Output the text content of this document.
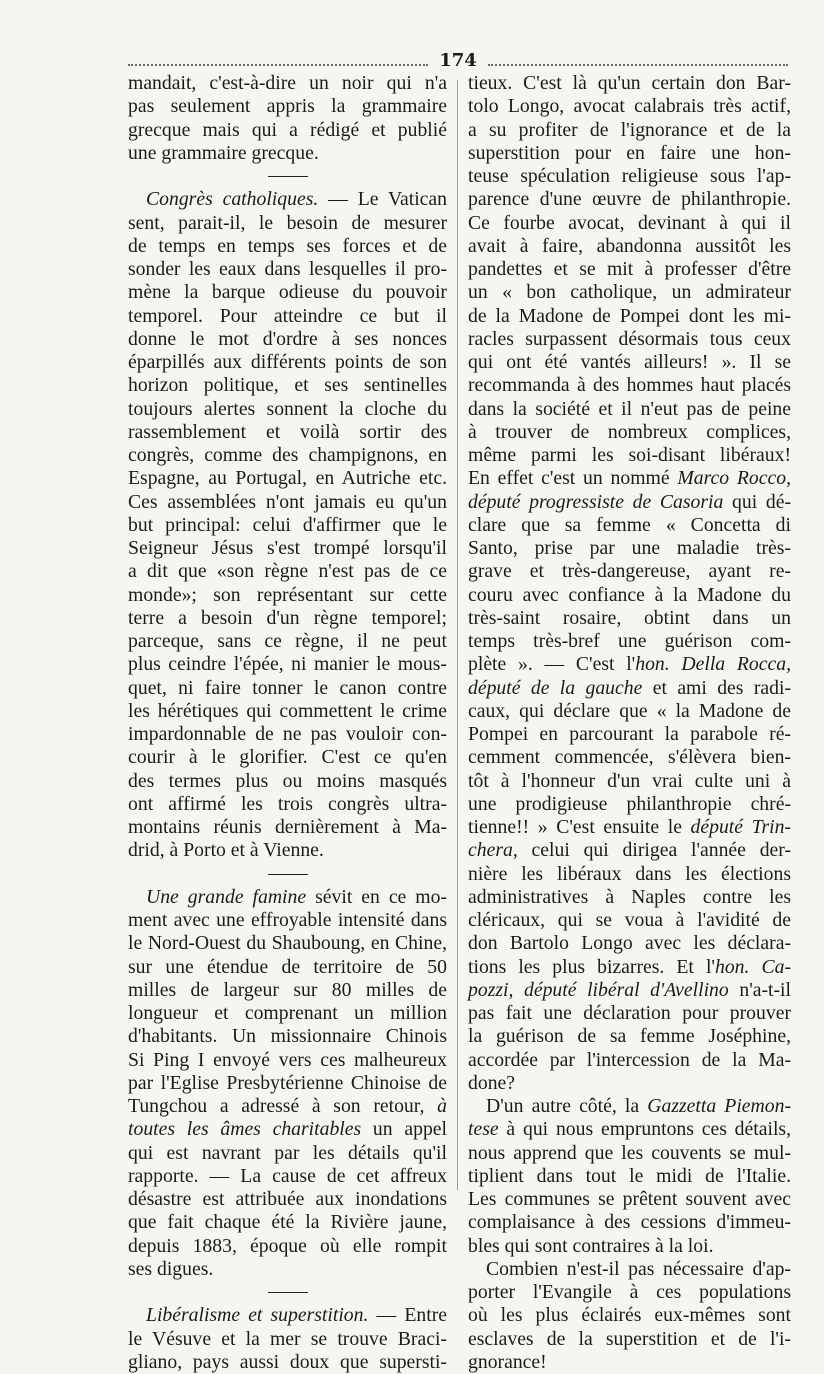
174
mandait, c'est-à-dire un noir qui n'a
pas seulement appris la grammaire
grecque mais qui a rédigé et publié
une grammaire grecque.
Congrès catholiques. — Le Vatican
sent, parait-il, le besoin de mesurer
de temps en temps ses forces et de
sonder les eaux dans lesquelles il pro-
mène la barque odieuse du pouvoir
temporel. Pour atteindre ce but il
donne le mot d'ordre à ses nonces
éparpillés aux différents points de son
horizon politique, et ses sentinelles
toujours alertes sonnent la cloche du
rassemblement et voilà sortir des
congrès, comme des champignons, en
Espagne, au Portugal, en Autriche etc.
Ces assemblées n'ont jamais eu qu'un
but principal: celui d'affirmer que le
Seigneur Jésus s'est trompé lorsqu'il
a dit que «son règne n'est pas de ce
monde»; son représentant sur cette
terre a besoin d'un règne temporel;
parceque, sans ce règne, il ne peut
plus ceindre l'épée, ni manier le mous-
quet, ni faire tonner le canon contre
les hérétiques qui commettent le crime
impardonnable de ne pas vouloir con-
courir à le glorifier. C'est ce qu'en
des termes plus ou moins masqués
ont affirmé les trois congrès ultra-
montains réunis dernièrement à Ma-
drid, à Porto et à Vienne.
Une grande famine sévit en ce mo-
ment avec une effroyable intensité dans
le Nord-Ouest du Shauboung, en Chine,
sur une étendue de territoire de 50
milles de largeur sur 80 milles de
longueur et comprenant un million
d'habitants. Un missionnaire Chinois
Si Ping I envoyé vers ces malheureux
par l'Eglise Presbytérienne Chinoise de
Tungchou a adressé à son retour, à
toutes les âmes charitables un appel
qui est navrant par les détails qu'il
rapporte. — La cause de cet affreux
désastre est attribuée aux inondations
que fait chaque été la Rivière jaune,
depuis 1883, époque où elle rompit
ses digues.
Libéralisme et superstition. — Entre
le Vésuve et la mer se trouve Braci-
gliano, pays aussi doux que supersti-
tieux. C'est là qu'un certain don Bar-
tolo Longo, avocat calabrais très actif,
a su profiter de l'ignorance et de la
superstition pour en faire une hon-
teuse spéculation religieuse sous l'ap-
parence d'une œuvre de philanthropie.
Ce fourbe avocat, devinant à qui il
avait à faire, abandonna aussitôt les
pandettes et se mit à professer d'être
un « bon catholique, un admirateur
de la Madone de Pompei dont les mi-
racles surpassent désormais tous ceux
qui ont été vantés ailleurs! ». Il se
recommanda à des hommes haut placés
dans la société et il n'eut pas de peine
à trouver de nombreux complices,
même parmi les soi-disant libéraux!
En effet c'est un nommé Marco Rocco,
député progressiste de Casoria qui dé-
clare que sa femme « Concetta di
Santo, prise par une maladie très-
grave et très-dangereuse, ayant re-
couru avec confiance à la Madone du
très-saint rosaire, obtint dans un
temps très-bref une guérison com-
plète ». — C'est l'hon. Della Rocca,
député de la gauche et ami des radi-
caux, qui déclare que « la Madone de
Pompei en parcourant la parabole ré-
cemment commencée, s'élèvera bien-
tôt à l'honneur d'un vrai culte uni à
une prodigieuse philanthropie chré-
tienne!! » C'est ensuite le député Trin-
chera, celui qui dirigea l'année der-
nière les libéraux dans les élections
administratives à Naples contre les
cléricaux, qui se voua à l'avidité de
don Bartolo Longo avec les déclara-
tions les plus bizarres. Et l'hon. Ca-
pozzi, député libéral d'Avellino n'a-t-il
pas fait une déclaration pour prouver
la guérison de sa femme Joséphine,
accordée par l'intercession de la Ma-
done?
D'un autre côté, la Gazzetta Piemon-
tese à qui nous empruntons ces détails,
nous apprend que les couvents se mul-
tiplient dans tout le midi de l'Italie.
Les communes se prêtent souvent avec
complaisance à des cessions d'immeu-
bles qui sont contraires à la loi.
Combien n'est-il pas nécessaire d'ap-
porter l'Evangile à ces populations
où les plus éclairés eux-mêmes sont
esclaves de la superstition et de l'i-
gnorance!
